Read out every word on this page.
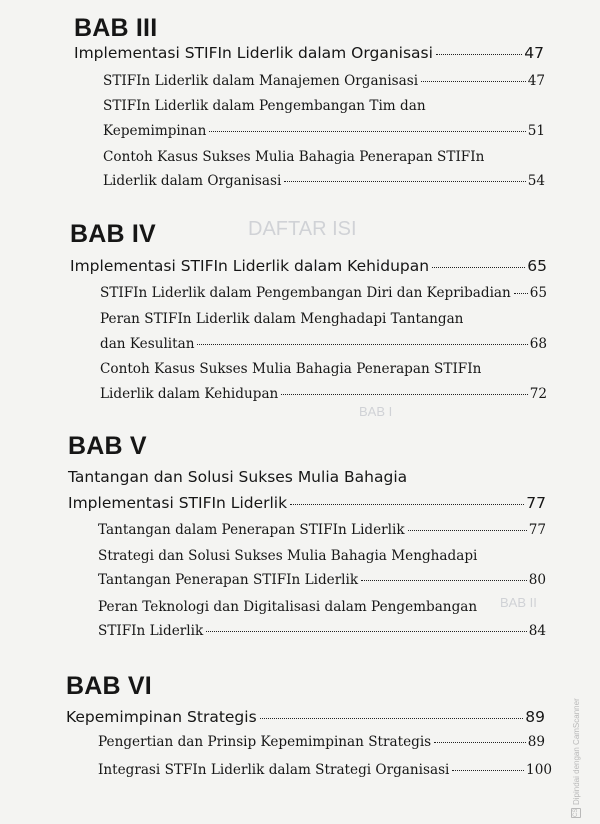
DAFTAR ISI
BAB I
BAB II
BAB III
Implementasi STIFIn Liderlik dalam Organisasi	47
STIFIn Liderlik dalam Manajemen Organisasi	47
STIFIn Liderlik dalam Pengembangan Tim dan
Kepemimpinan	51
Contoh Kasus Sukses Mulia Bahagia Penerapan STIFIn
Liderlik dalam Organisasi	54
BAB IV
Implementasi STIFIn Liderlik dalam Kehidupan	65
STIFIn Liderlik dalam Pengembangan Diri dan Kepribadian 65
Peran STIFIn Liderlik dalam Menghadapi Tantangan
dan Kesulitan	68
Contoh Kasus Sukses Mulia Bahagia Penerapan STIFIn
Liderlik dalam Kehidupan	72
BAB V
Tantangan dan Solusi Sukses Mulia Bahagia
Implementasi STIFIn Liderlik	77
Tantangan dalam Penerapan STIFIn Liderlik	77
Strategi dan Solusi Sukses Mulia Bahagia Menghadapi
Tantangan Penerapan STIFIn Liderlik	80
Peran Teknologi dan Digitalisasi dalam Pengembangan
STIFIn Liderlik	84
BAB VI
Kepemimpinan Strategis	89
Pengertian dan Prinsip Kepemimpinan Strategis	89
Integrasi STFIn Liderlik dalam Strategi Organisasi	100
CS
Dipindai dengan CamScanner
